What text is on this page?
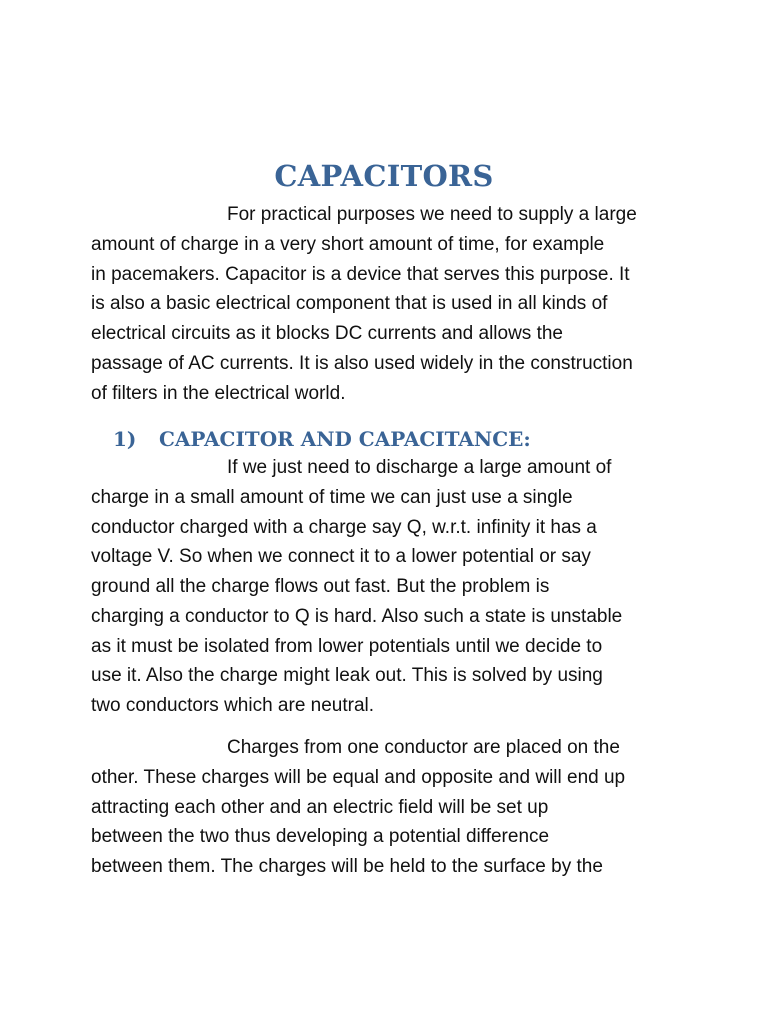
CAPACITORS
For practical purposes we need to supply a large
amount of charge in a very short amount of time, for example
in pacemakers. Capacitor is a device that serves this purpose. It
is also a basic electrical component that is used in all kinds of
electrical circuits as it blocks DC currents and allows the
passage of AC currents. It is also used widely in the construction
of filters in the electrical world.
1) CAPACITOR AND CAPACITANCE:
If we just need to discharge a large amount of
charge in a small amount of time we can just use a single
conductor charged with a charge say Q, w.r.t. infinity it has a
voltage V. So when we connect it to a lower potential or say
ground all the charge flows out fast. But the problem is
charging a conductor to Q is hard. Also such a state is unstable
as it must be isolated from lower potentials until we decide to
use it. Also the charge might leak out. This is solved by using
two conductors which are neutral.
Charges from one conductor are placed on the
other. These charges will be equal and opposite and will end up
attracting each other and an electric field will be set up
between the two thus developing a potential difference
between them. The charges will be held to the surface by the
